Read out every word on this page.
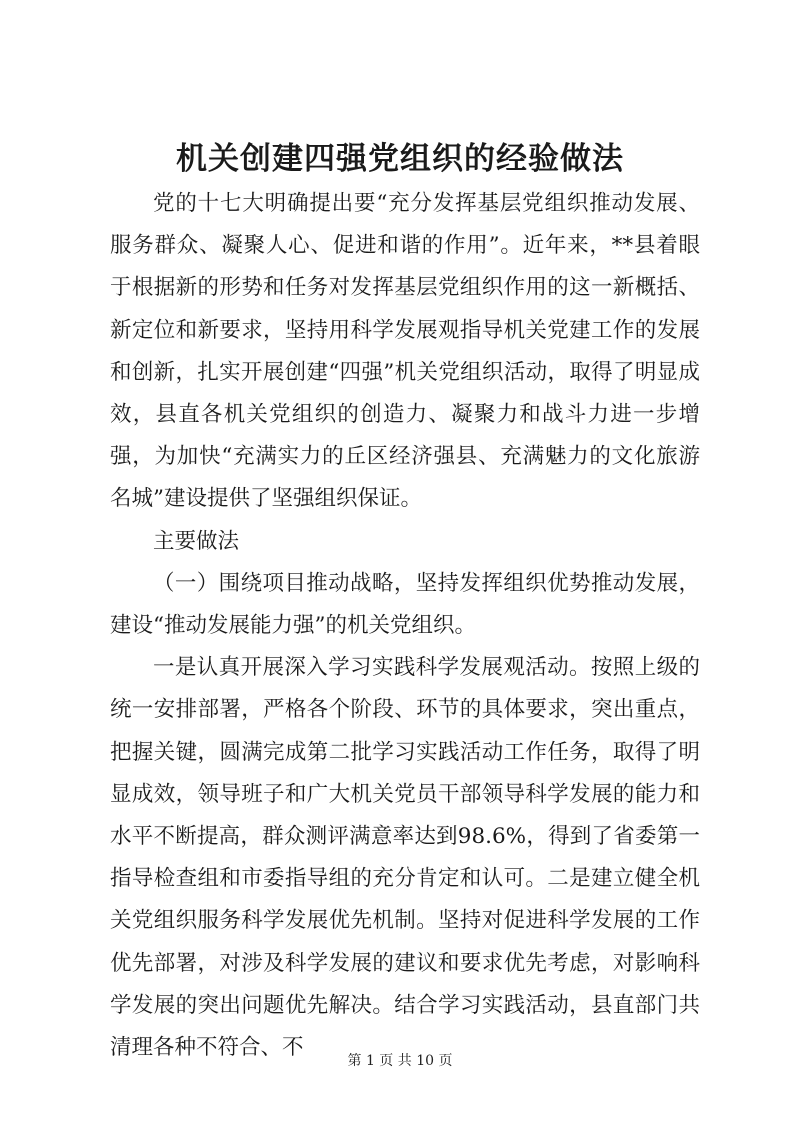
机关创建四强党组织的经验做法

党的十七大明确提出要“充分发挥基层党组织推动发展、服务群众、凝聚人心、促进和谐的作用”。近年来，**县着眼于根据新的形势和任务对发挥基层党组织作用的这一新概括、新定位和新要求，坚持用科学发展观指导机关党建工作的发展和创新，扎实开展创建“四强”机关党组织活动，取得了明显成效，县直各机关党组织的创造力、凝聚力和战斗力进一步增强，为加快“充满实力的丘区经济强县、充满魅力的文化旅游名城”建设提供了坚强组织保证。

主要做法

（一）围绕项目推动战略，坚持发挥组织优势推动发展，建设“推动发展能力强”的机关党组织。

一是认真开展深入学习实践科学发展观活动。按照上级的统一安排部署，严格各个阶段、环节的具体要求，突出重点，把握关键，圆满完成第二批学习实践活动工作任务，取得了明显成效，领导班子和广大机关党员干部领导科学发展的能力和水平不断提高，群众测评满意率达到98.6%，得到了省委第一指导检查组和市委指导组的充分肯定和认可。二是建立健全机关党组织服务科学发展优先机制。坚持对促进科学发展的工作优先部署，对涉及科学发展的建议和要求优先考虑，对影响科学发展的突出问题优先解决。结合学习实践活动，县直部门共清理各种不符合、不

第 1 页 共 10 页
